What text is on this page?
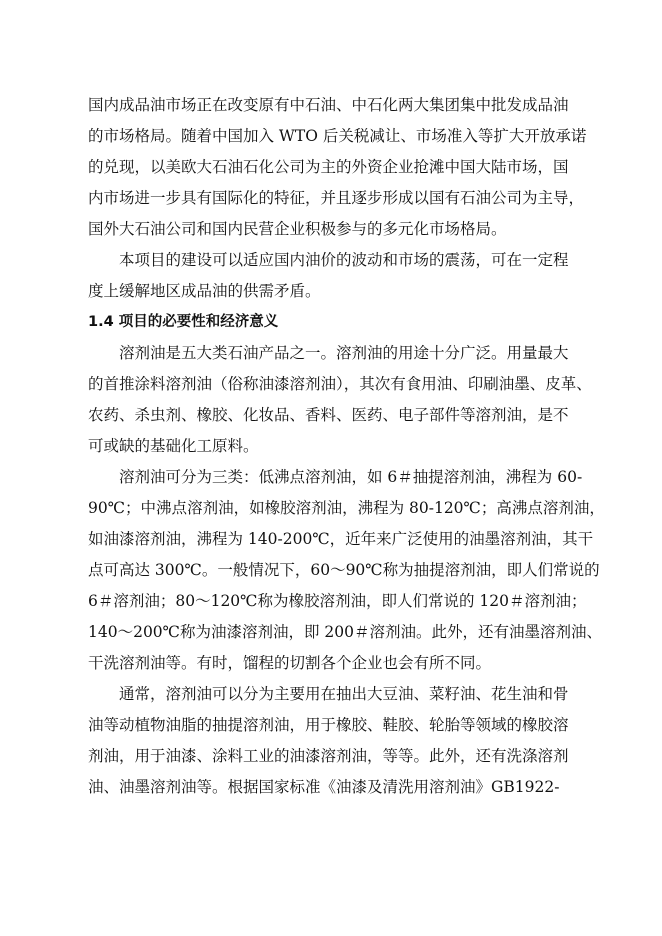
国内成品油市场正在改变原有中石油、中石化两大集团集中批发成品油
的市场格局。随着中国加入 WTO 后关税减让、市场准入等扩大开放承诺
的兑现，以美欧大石油石化公司为主的外资企业抢滩中国大陆市场，国
内市场进一步具有国际化的特征，并且逐步形成以国有石油公司为主导，
国外大石油公司和国内民营企业积极参与的多元化市场格局。
　　本项目的建设可以适应国内油价的波动和市场的震荡，可在一定程
度上缓解地区成品油的供需矛盾。
1.4 项目的必要性和经济意义
　　溶剂油是五大类石油产品之一。溶剂油的用途十分广泛。用量最大
的首推涂料溶剂油（俗称油漆溶剂油），其次有食用油、印刷油墨、皮革、
农药、杀虫剂、橡胶、化妆品、香料、医药、电子部件等溶剂油，是不
可或缺的基础化工原料。
　　溶剂油可分为三类：低沸点溶剂油，如 6＃抽提溶剂油，沸程为 60-
90℃；中沸点溶剂油，如橡胶溶剂油，沸程为 80-120℃；高沸点溶剂油，
如油漆溶剂油，沸程为 140-200℃，近年来广泛使用的油墨溶剂油，其干
点可高达 300℃。一般情况下，60～90℃称为抽提溶剂油，即人们常说的
6＃溶剂油；80～120℃称为橡胶溶剂油，即人们常说的 120＃溶剂油；
140～200℃称为油漆溶剂油，即 200＃溶剂油。此外，还有油墨溶剂油、
干洗溶剂油等。有时，馏程的切割各个企业也会有所不同。
　　通常，溶剂油可以分为主要用在抽出大豆油、菜籽油、花生油和骨
油等动植物油脂的抽提溶剂油，用于橡胶、鞋胶、轮胎等领域的橡胶溶
剂油，用于油漆、涂料工业的油漆溶剂油，等等。此外，还有洗涤溶剂
油、油墨溶剂油等。根据国家标准《油漆及清洗用溶剂油》GB1922-
